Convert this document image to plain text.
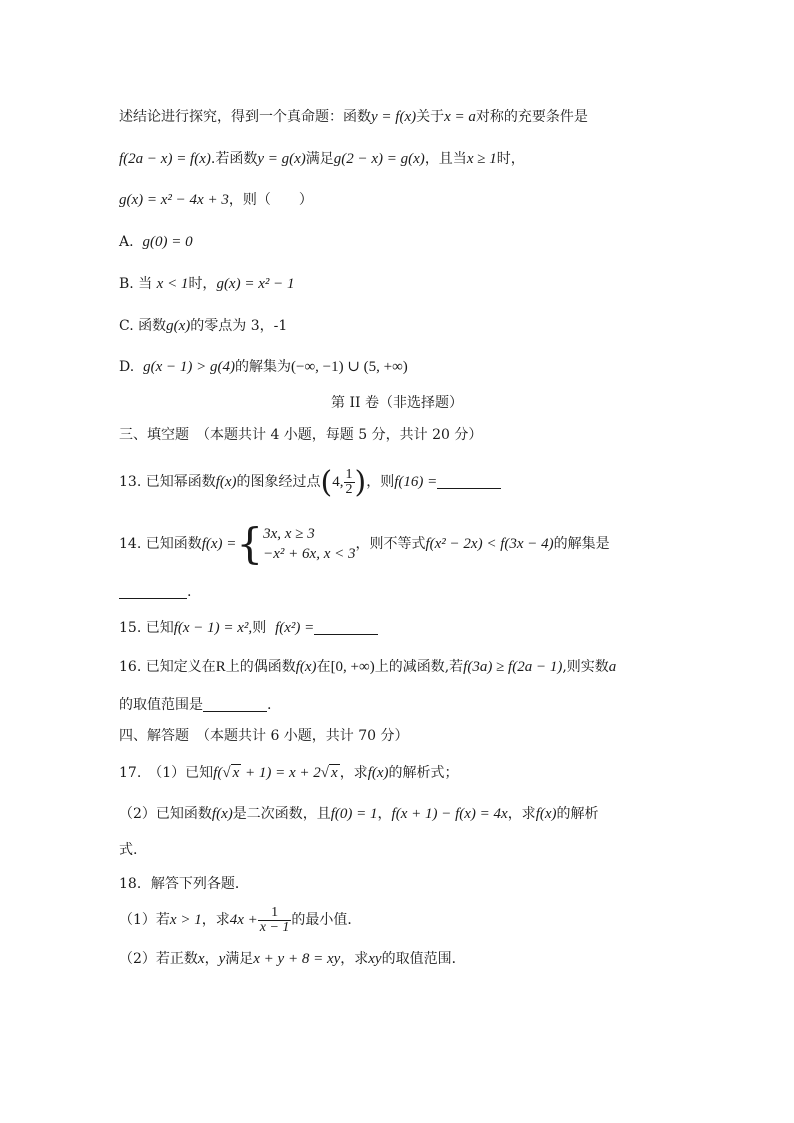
述结论进行探究，得到一个真命题：函数y = f(x)关于x = a对称的充要条件是
f(2a − x) = f(x).若函数y = g(x)满足g(2 − x) = g(x)，且当x ≥ 1时，
g(x) = x² − 4x + 3，则（　　）
A. g(0) = 0
B. 当 x < 1时，g(x) = x² − 1
C. 函数g(x)的零点为 3，-1
D. g(x − 1) > g(4)的解集为(−∞, −1) ∪ (5, +∞)
第 II 卷（非选择题）
三、填空题　（本题共计 4 小题，每题 5 分，共计 20 分）
13. 已知幂函数f(x)的图象经过点(4, $\frac{1}{2}$ )，则f(16) =
14. 已知函数f(x) ={ 3x, x ≥ 3
−x² + 6x, x < 3
，则不等式f(x² − 2x) < f(3x − 4)的解集是
.
15. 已知f(x − 1) = x²,则 f(x²) =
16. 已知定义在R上的偶函数f(x)在[0, +∞)上的减函数,若f(3a) ≥ f(2a − 1),则实数a
的取值范围是	.
四、解答题　（本题共计 6 小题，共计 70 分）
17.　（1）已知f(√ x + 1) = x + 2√ x ，求f(x)的解析式；
（2）已知函数f(x)是二次函数，且f(0) = 1，f(x + 1) − f(x) = 4x，求f(x)的解析
式.
18．解答下列各题．
（1）若x > 1，求$4x + \frac{1}{x - 1}$ 的最小值．
（2）若正数x，y满足x + y + 8 = xy，求xy的取值范围．
